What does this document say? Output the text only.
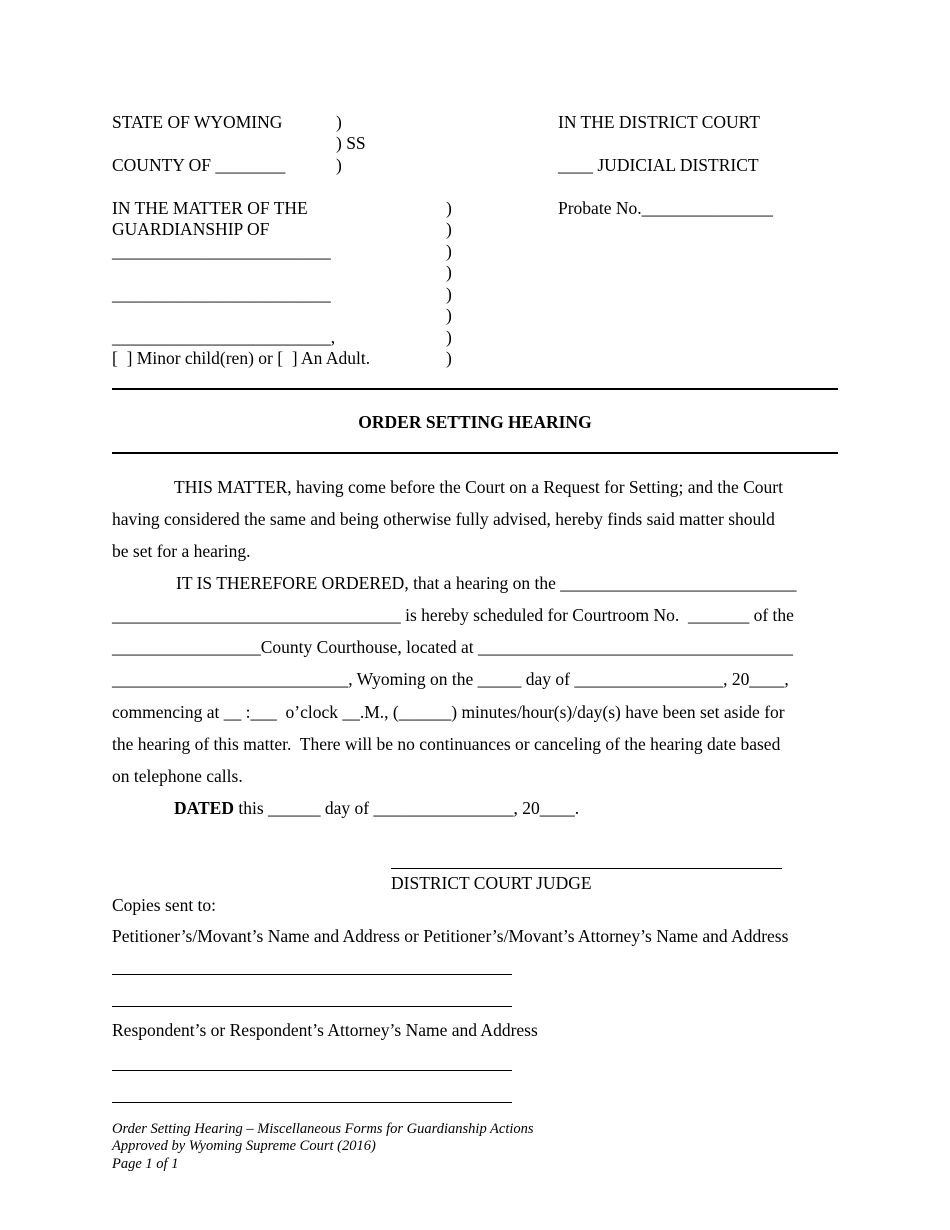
STATE OF WYOMING	)
) SS
COUNTY OF ________	)
IN THE DISTRICT COURT
____ JUDICIAL DISTRICT
Probate No._______________
IN THE MATTER OF THE
GUARDIANSHIP OF
_________________________
_________________________
_________________________,
[  ] Minor child(ren) or [  ] An Adult.
)
)
)
)
)
)
)
)
ORDER SETTING HEARING
THIS MATTER, having come before the Court on a Request for Setting; and the Court
having considered the same and being otherwise fully advised, hereby finds said matter should
be set for a hearing.
IT IS THEREFORE ORDERED, that a hearing on the ___________________________
_________________________________ is hereby scheduled for Courtroom No.  _______ of the
_________________County Courthouse, located at ____________________________________
___________________________, Wyoming on the _____ day of _________________, 20____,
commencing at __ :___  o’clock __.M., (______) minutes/hour(s)/day(s) have been set aside for
the hearing of this matter.  There will be no continuances or canceling of the hearing date based
on telephone calls.
DATED this ______ day of ________________, 20____.
DISTRICT COURT JUDGE
Copies sent to:
Petitioner’s/Movant’s Name and Address or Petitioner’s/Movant’s Attorney’s Name and Address
Respondent’s or Respondent’s Attorney’s Name and Address
Order Setting Hearing – Miscellaneous Forms for Guardianship Actions
Approved by Wyoming Supreme Court (2016)
Page 1 of 1
